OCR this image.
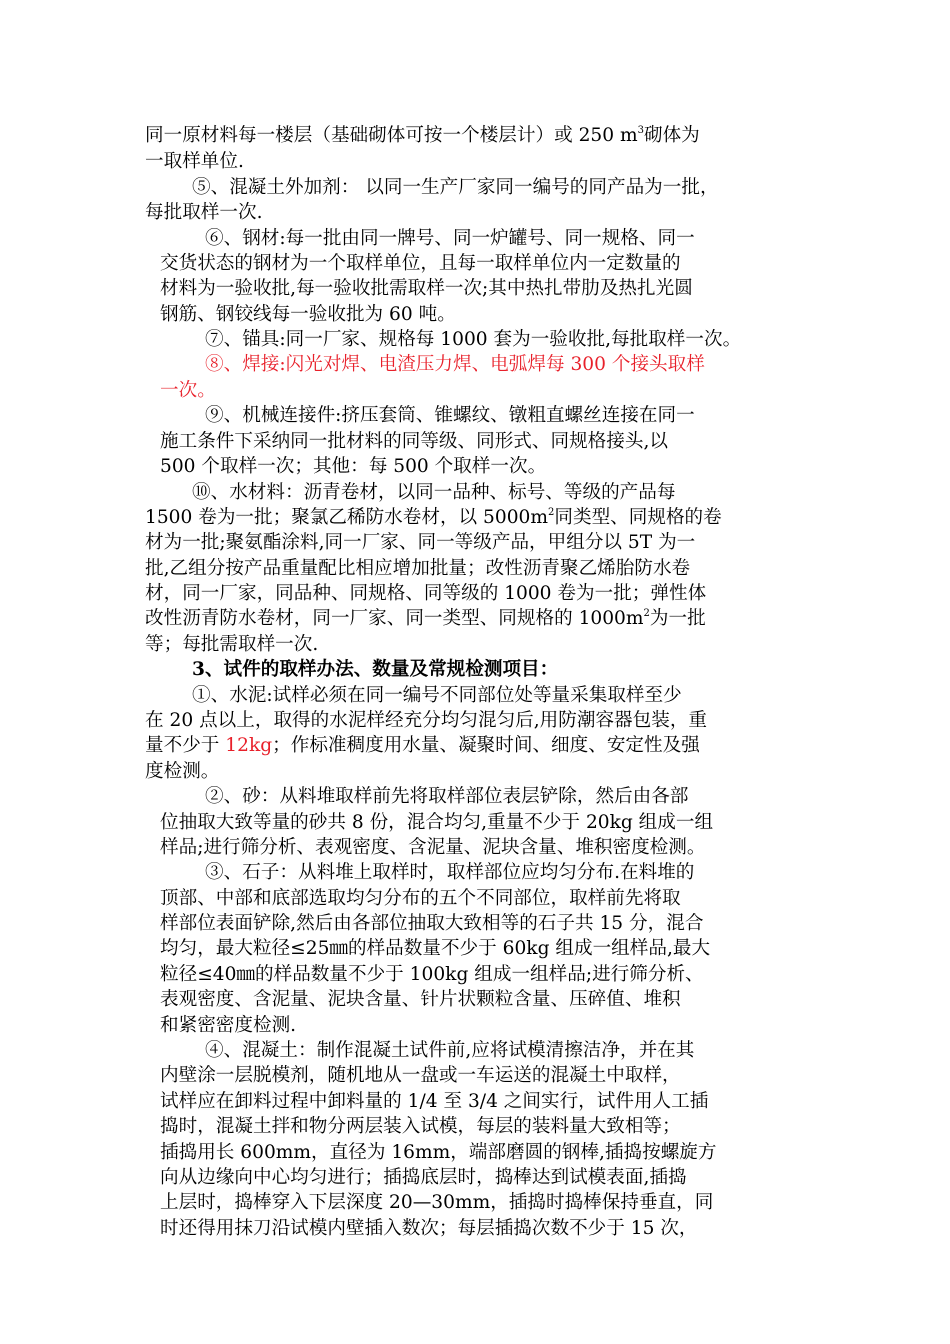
同一原材料每一楼层（基础砌体可按一个楼层计）或 250 $m^3$砌体为
一取样单位.
⑤、混凝土外加剂： 以同一生产厂家同一编号的同产品为一批，
每批取样一次.
⑥、钢材:每一批由同一牌号、同一炉罐号、同一规格、同一
交货状态的钢材为一个取样单位，且每一取样单位内一定数量的
材料为一验收批,每一验收批需取样一次;其中热扎带肋及热扎光圆
钢筋、钢铰线每一验收批为 60 吨。
⑦、锚具:同一厂家、规格每 1000 套为一验收批,每批取样一次。
⑧、焊接:闪光对焊、电渣压力焊、电弧焊每 300 个接头取样
一次。
⑨、机械连接件:挤压套筒、锥螺纹、镦粗直螺丝连接在同一
施工条件下采纳同一批材料的同等级、同形式、同规格接头,以
500 个取样一次；其他：每 500 个取样一次。
⑩、水材料：沥青卷材，以同一品种、标号、等级的产品每
1500 卷为一批；聚氯乙稀防水卷材，以 $5000m^2$同类型、同规格的卷
材为一批;聚氨酯涂料,同一厂家、同一等级产品，甲组分以 5T 为一
批,乙组分按产品重量配比相应增加批量；改性沥青聚乙烯胎防水卷
材，同一厂家，同品种、同规格、同等级的 1000 卷为一批；弹性体
改性沥青防水卷材，同一厂家、同一类型、同规格的 $1000m^2$为一批
等；每批需取样一次.
3、试件的取样办法、数量及常规检测项目：
①、水泥:试样必须在同一编号不同部位处等量采集取样至少
在 20 点以上，取得的水泥样经充分均匀混匀后,用防潮容器包装，重
量不少于 12kg；作标准稠度用水量、凝聚时间、细度、安定性及强
度检测。
②、砂：从料堆取样前先将取样部位表层铲除，然后由各部
位抽取大致等量的砂共 8 份，混合均匀,重量不少于 20kg 组成一组
样品;进行筛分析、表观密度、含泥量、泥块含量、堆积密度检测。
③、石子：从料堆上取样时，取样部位应均匀分布.在料堆的
顶部、中部和底部选取均匀分布的五个不同部位，取样前先将取
样部位表面铲除,然后由各部位抽取大致相等的石子共 15 分，混合
均匀，最大粒径≤25㎜的样品数量不少于 60kg 组成一组样品,最大
粒径≤40㎜的样品数量不少于 100kg 组成一组样品;进行筛分析、
表观密度、含泥量、泥块含量、针片状颗粒含量、压碎值、堆积
和紧密密度检测.
④、混凝土：制作混凝土试件前,应将试模清擦洁净，并在其
内壁涂一层脱模剂，随机地从一盘或一车运送的混凝土中取样，
试样应在卸料过程中卸料量的 1/4 至 3/4 之间实行，试件用人工插
捣时，混凝土拌和物分两层装入试模，每层的装料量大致相等；
插捣用长 600mm，直径为 16mm，端部磨圆的钢棒,插捣按螺旋方
向从边缘向中心均匀进行；插捣底层时，捣棒达到试模表面,插捣
上层时，捣棒穿入下层深度 20—30mm，插捣时捣棒保持垂直，同
时还得用抹刀沿试模内壁插入数次；每层插捣次数不少于 15 次，
